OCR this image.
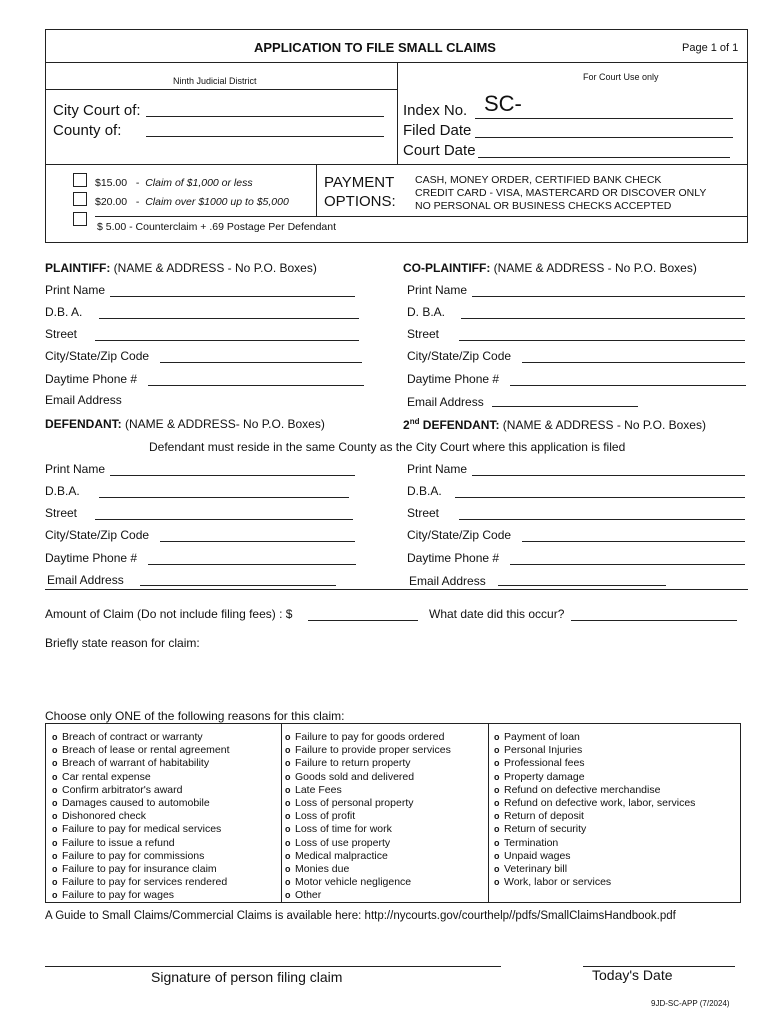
APPLICATION TO FILE SMALL CLAIMS	Page 1 of 1
Ninth Judicial District	For Court Use only
City Court of:
County of:
Index No. SC-
Filed Date
Court Date
$15.00   -  Claim of $1,000 or less
$20.00   -  Claim over $1000 up to $5,000
$ 5.00 - Counterclaim + .69 Postage Per Defendant
PAYMENT
OPTIONS:
CASH, MONEY ORDER, CERTIFIED BANK CHECK
CREDIT CARD - VISA, MASTERCARD OR DISCOVER ONLY
NO PERSONAL OR BUSINESS CHECKS ACCEPTED
PLAINTIFF: (NAME & ADDRESS - No P.O. Boxes)	CO-PLAINTIFF: (NAME & ADDRESS - No P.O. Boxes)
Print Name	Print Name
D.B. A.	D. B.A.
Street	Street
City/State/Zip Code	City/State/Zip Code
Daytime Phone #	Daytime Phone #
Email Address	Email Address
DEFENDANT: (NAME & ADDRESS- No P.O. Boxes)	2nd DEFENDANT: (NAME & ADDRESS - No P.O. Boxes)
Defendant must reside in the same County as the City Court where this application is filed
Print Name	Print Name
D.B.A.	D.B.A.
Street	Street
City/State/Zip Code	City/State/Zip Code
Daytime Phone #	Daytime Phone #
Email Address	Email Address
Amount of Claim (Do not include filing fees) : $	What date did this occur?
Briefly state reason for claim:
Choose only ONE of the following reasons for this claim:
o Breach of contract or warranty
o Breach of lease or rental agreement
o Breach of warrant of habitability
o Car rental expense
o Confirm arbitrator's award
o Damages caused to automobile
o Dishonored check
o Failure to pay for medical services
o Failure to issue a refund
o Failure to pay for commissions
o Failure to pay for insurance claim
o Failure to pay for services rendered
o Failure to pay for wages
o Failure to pay for goods ordered
o Failure to provide proper services
o Failure to return property
o Goods sold and delivered
o Late Fees
o Loss of personal property
o Loss of profit
o Loss of time for work
o Loss of use property
o Medical malpractice
o Monies due
o Motor vehicle negligence
o Other
o Payment of loan
o Personal Injuries
o Professional fees
o Property damage
o Refund on defective merchandise
o Refund on defective work, labor, services
o Return of deposit
o Return of security
o Termination
o Unpaid wages
o Veterinary bill
o Work, labor or services
A Guide to Small Claims/Commercial Claims is available here: http://nycourts.gov/courthelp//pdfs/SmallClaimsHandbook.pdf
Signature of person filing claim	Today's Date
9JD-SC-APP (7/2024)
